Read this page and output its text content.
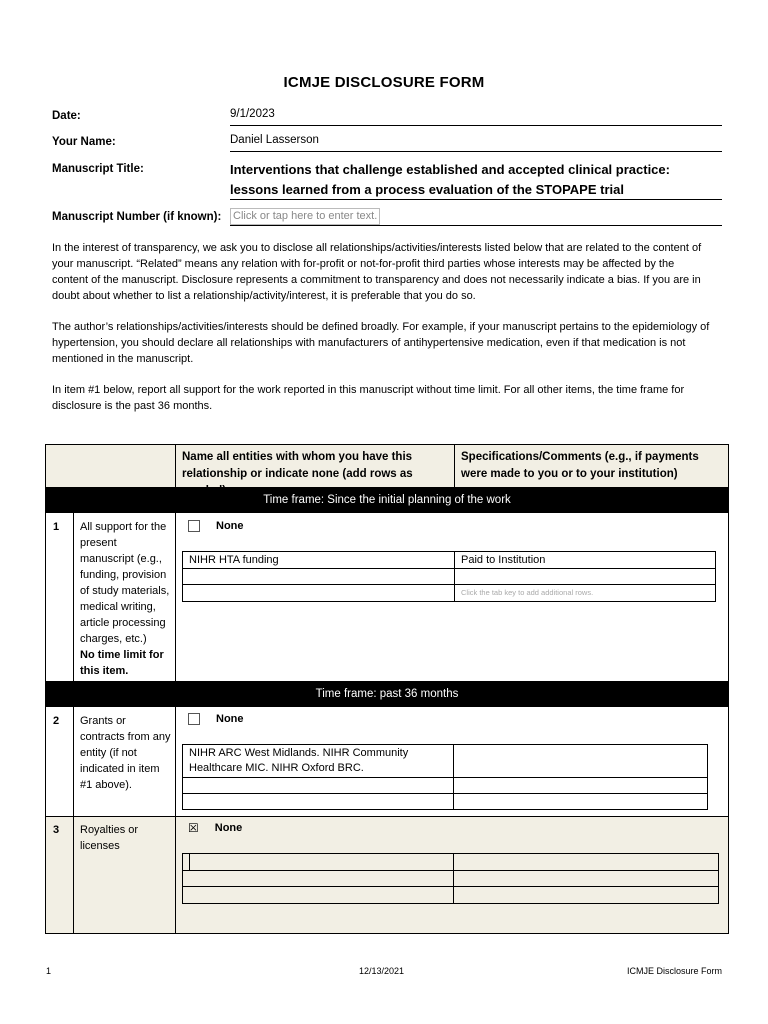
ICMJE DISCLOSURE FORM
Date:	9/1/2023
Your Name:	Daniel Lasserson
Manuscript Title:	Interventions that challenge established and accepted clinical practice:
lessons learned from a process evaluation of the STOPAPE trial
Manuscript Number (if known): Click or tap here to enter text.
In the interest of transparency, we ask you to disclose all relationships/activities/interests listed below that are related to the content of your manuscript. “Related” means any relation with for-profit or not-for-profit third parties whose interests may be affected by the content of the manuscript. Disclosure represents a commitment to transparency and does not necessarily indicate a bias. If you are in doubt about whether to list a relationship/activity/interest, it is preferable that you do so.
The author’s relationships/activities/interests should be defined broadly. For example, if your manuscript pertains to the epidemiology of hypertension, you should declare all relationships with manufacturers of antihypertensive medication, even if that medication is not mentioned in the manuscript.
In item #1 below, report all support for the work reported in this manuscript without time limit. For all other items, the time frame for disclosure is the past 36 months.
Name all entities with whom you have this relationship or indicate none (add rows as
Specifications/Comments (e.g., if payments were made to you or to your institution)
Time frame: Since the initial planning of the work
Time frame: past 36 months
1	All support for the present manuscript (e.g., funding, provision of study materials, medical writing, article processing charges, etc.)
No time limit for this item.
None
NIHR HTA funding	Paid to Institution
Click the tab key to add additional rows.
2	Grants or contracts from any entity (if not indicated in item #1 above).
None
NIHR ARC West Midlands. NIHR Community
Healthcare MIC. NIHR Oxford BRC.
3	Royalties or licenses
☒ None
1	12/13/2021	ICMJE Disclosure Form
